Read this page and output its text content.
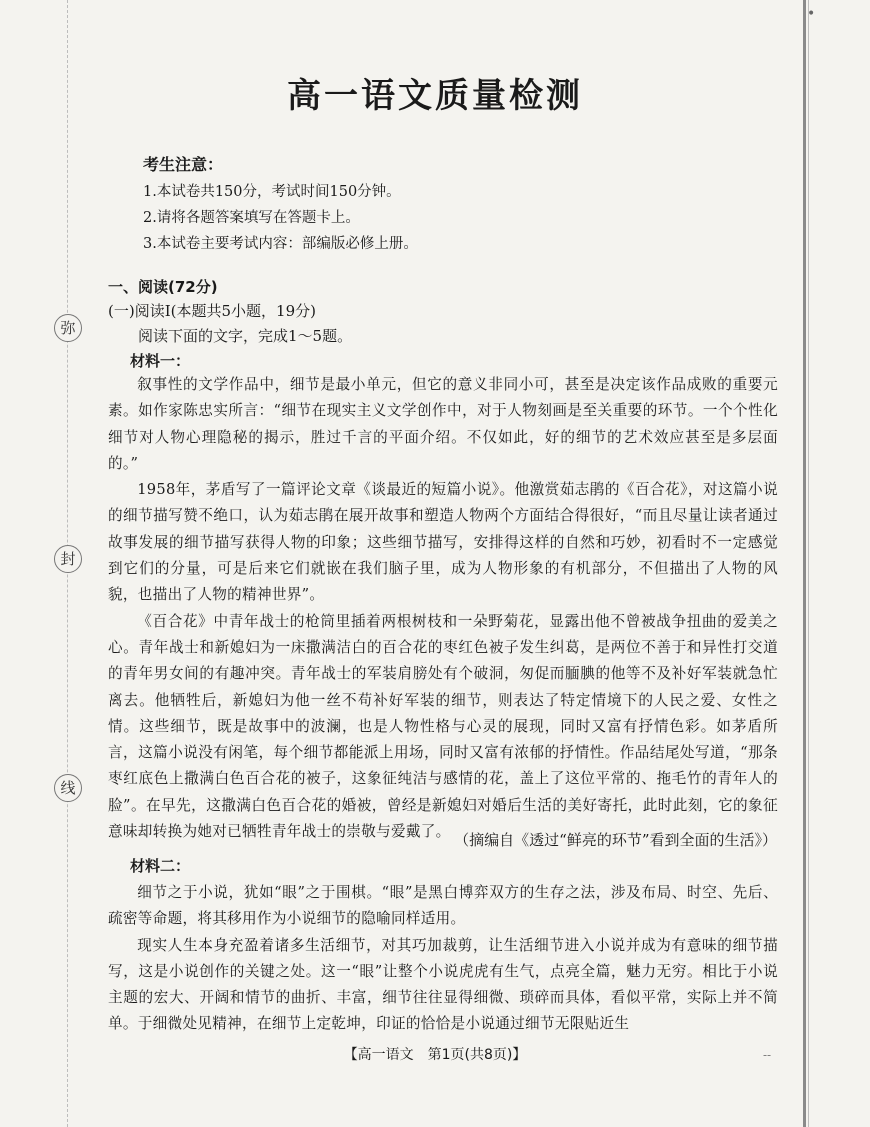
•
弥
封
线
高一语文质量检测
考生注意：
1.本试卷共150分，考试时间150分钟。
2.请将各题答案填写在答题卡上。
3.本试卷主要考试内容：部编版必修上册。
一、阅读(72分)
(一)阅读Ⅰ(本题共5小题，19分)
阅读下面的文字，完成1～5题。
材料一：

叙事性的文学作品中，细节是最小单元，但它的意义非同小可，甚至是决定该作品成败的重要元素。如作家陈忠实所言：“细节在现实主义文学创作中，对于人物刻画是至关重要的环节。一个个性化细节对人物心理隐秘的揭示，胜过千言的平面介绍。不仅如此，好的细节的艺术效应甚至是多层面的。”

1958年，茅盾写了一篇评论文章《谈最近的短篇小说》。他激赏茹志鹃的《百合花》，对这篇小说的细节描写赞不绝口，认为茹志鹃在展开故事和塑造人物两个方面结合得很好，“而且尽量让读者通过故事发展的细节描写获得人物的印象；这些细节描写，安排得这样的自然和巧妙，初看时不一定感觉到它们的分量，可是后来它们就嵌在我们脑子里，成为人物形象的有机部分，不但描出了人物的风貌，也描出了人物的精神世界”。

《百合花》中青年战士的枪筒里插着两根树枝和一朵野菊花，显露出他不曾被战争扭曲的爱美之心。青年战士和新媳妇为一床撒满洁白的百合花的枣红色被子发生纠葛，是两位不善于和异性打交道的青年男女间的有趣冲突。青年战士的军装肩膀处有个破洞，匆促而腼腆的他等不及补好军装就急忙离去。他牺牲后，新媳妇为他一丝不苟补好军装的细节，则表达了特定情境下的人民之爱、女性之情。这些细节，既是故事中的波澜，也是人物性格与心灵的展现，同时又富有抒情色彩。如茅盾所言，这篇小说没有闲笔，每个细节都能派上用场，同时又富有浓郁的抒情性。作品结尾处写道，“那条枣红底色上撒满白色百合花的被子，这象征纯洁与感情的花，盖上了这位平常的、拖毛竹的青年人的脸”。在早先，这撒满白色百合花的婚被，曾经是新媳妇对婚后生活的美好寄托，此时此刻，它的象征意味却转换为她对已牺牲青年战士的崇敬与爱戴了。 （摘编自《透过“鲜亮的环节”看到全面的生活》）
材料二：

细节之于小说，犹如“眼”之于围棋。“眼”是黑白博弈双方的生存之法，涉及布局、时空、先后、疏密等命题，将其移用作为小说细节的隐喻同样适用。

现实人生本身充盈着诸多生活细节，对其巧加裁剪，让生活细节进入小说并成为有意味的细节描写，这是小说创作的关键之处。这一“眼”让整个小说虎虎有生气，点亮全篇，魅力无穷。相比于小说主题的宏大、开阔和情节的曲折、丰富，细节往往显得细微、琐碎而具体，看似平常，实际上并不简单。于细微处见精神，在细节上定乾坤，印证的恰恰是小说通过细节无限贴近生

【高一语文　第1页(共8页)】	--
